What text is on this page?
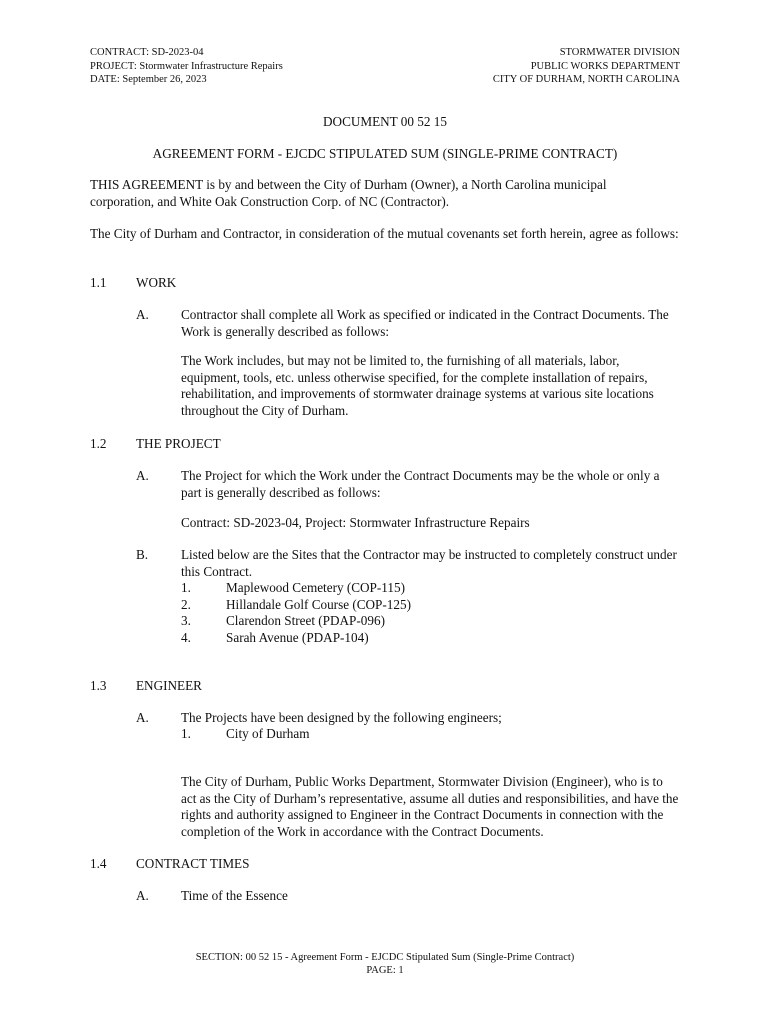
CONTRACT: SD-2023-04
PROJECT: Stormwater Infrastructure Repairs
DATE: September 26, 2023
STORMWATER DIVISION
PUBLIC WORKS DEPARTMENT
CITY OF DURHAM, NORTH CAROLINA
DOCUMENT 00 52 15
AGREEMENT FORM - EJCDC STIPULATED SUM (SINGLE-PRIME CONTRACT)
THIS AGREEMENT is by and between the City of Durham (Owner), a North Carolina municipal corporation, and White Oak Construction Corp. of NC (Contractor).
The City of Durham and Contractor, in consideration of the mutual covenants set forth herein, agree as follows:
1.1 WORK
A. Contractor shall complete all Work as specified or indicated in the Contract Documents. The Work is generally described as follows:
The Work includes, but may not be limited to, the furnishing of all materials, labor, equipment, tools, etc. unless otherwise specified, for the complete installation of repairs, rehabilitation, and improvements of stormwater drainage systems at various site locations throughout the City of Durham.
1.2 THE PROJECT
A. The Project for which the Work under the Contract Documents may be the whole or only a part is generally described as follows:
Contract: SD-2023-04, Project: Stormwater Infrastructure Repairs
B. Listed below are the Sites that the Contractor may be instructed to completely construct under this Contract.
1.	Maplewood Cemetery (COP-115)
2.	Hillandale Golf Course (COP-125)
3.	Clarendon Street (PDAP-096)
4.	Sarah Avenue (PDAP-104)
1.3 ENGINEER
A. The Projects have been designed by the following engineers;
1.	City of Durham
The City of Durham, Public Works Department, Stormwater Division (Engineer), who is to act as the City of Durham’s representative, assume all duties and responsibilities, and have the rights and authority assigned to Engineer in the Contract Documents in connection with the completion of the Work in accordance with the Contract Documents.
1.4 CONTRACT TIMES
A. Time of the Essence
SECTION: 00 52 15 - Agreement Form - EJCDC Stipulated Sum (Single-Prime Contract)
PAGE: 1
